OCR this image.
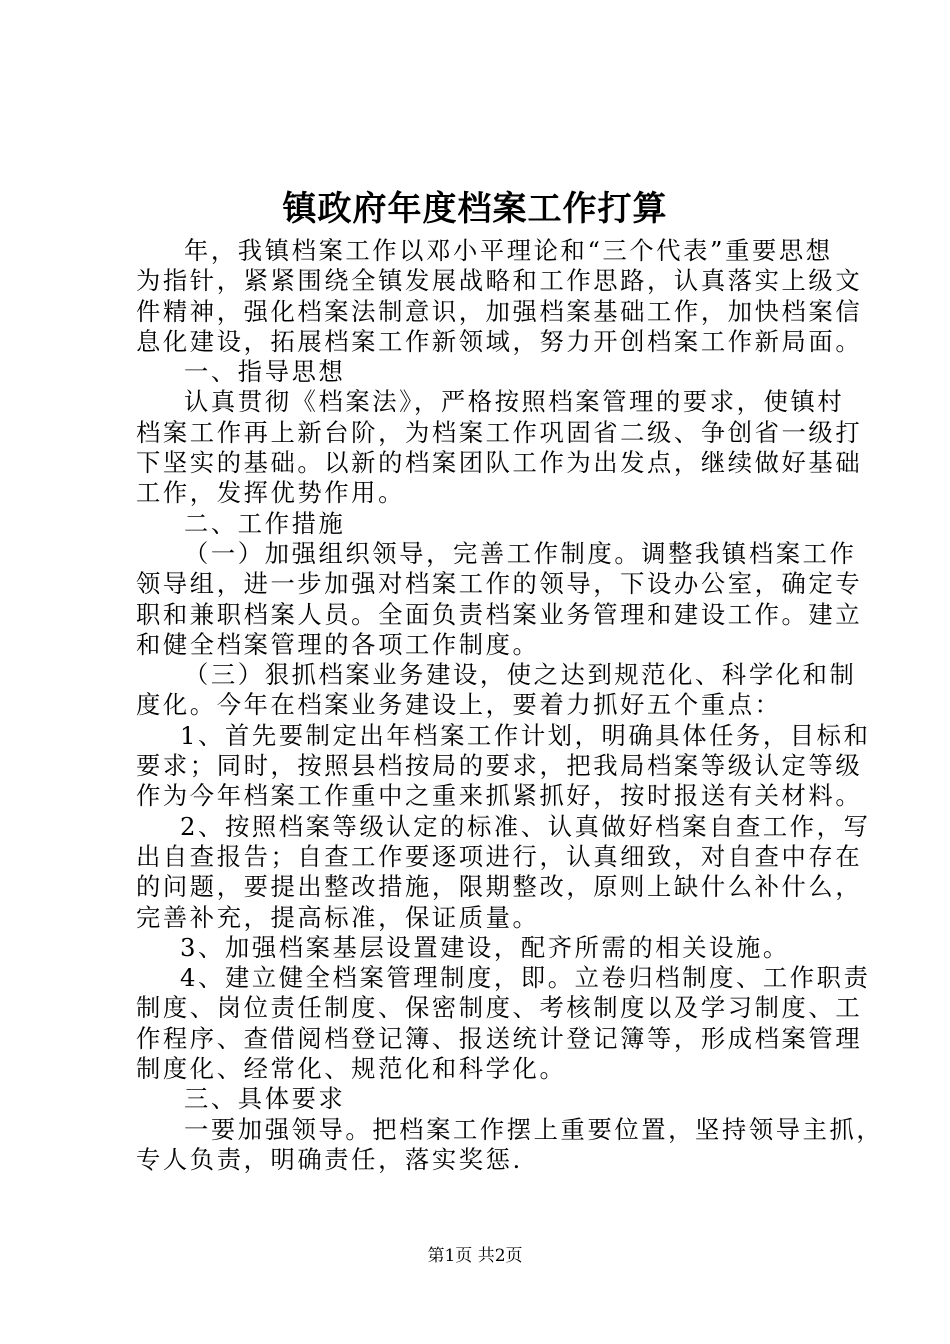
镇政府年度档案工作打算
年，我镇档案工作以邓小平理论和“三个代表”重要思想
为指针，紧紧围绕全镇发展战略和工作思路，认真落实上级文
件精神，强化档案法制意识，加强档案基础工作，加快档案信
息化建设，拓展档案工作新领域，努力开创档案工作新局面。
一、指导思想
认真贯彻《档案法》，严格按照档案管理的要求，使镇村
档案工作再上新台阶，为档案工作巩固省二级、争创省一级打
下坚实的基础。以新的档案团队工作为出发点，继续做好基础
工作，发挥优势作用。
二、工作措施
（一）加强组织领导，完善工作制度。调整我镇档案工作
领导组，进一步加强对档案工作的领导，下设办公室，确定专
职和兼职档案人员。全面负责档案业务管理和建设工作。建立
和健全档案管理的各项工作制度。
（三）狠抓档案业务建设，使之达到规范化、科学化和制
度化。今年在档案业务建设上，要着力抓好五个重点：
1、首先要制定出年档案工作计划，明确具体任务，目标和
要求；同时，按照县档按局的要求，把我局档案等级认定等级
作为今年档案工作重中之重来抓紧抓好，按时报送有关材料。
2、按照档案等级认定的标准、认真做好档案自查工作，写
出自查报告；自查工作要逐项进行，认真细致，对自查中存在
的问题，要提出整改措施，限期整改，原则上缺什么补什么，
完善补充，提高标准，保证质量。
3、加强档案基层设置建设，配齐所需的相关设施。
4、建立健全档案管理制度，即。立卷归档制度、工作职责
制度、岗位责任制度、保密制度、考核制度以及学习制度、工
作程序、查借阅档登记簿、报送统计登记簿等，形成档案管理
制度化、经常化、规范化和科学化。
三、具体要求
一要加强领导。把档案工作摆上重要位置，坚持领导主抓，
专人负责，明确责任，落实奖惩.
第1页 共2页
